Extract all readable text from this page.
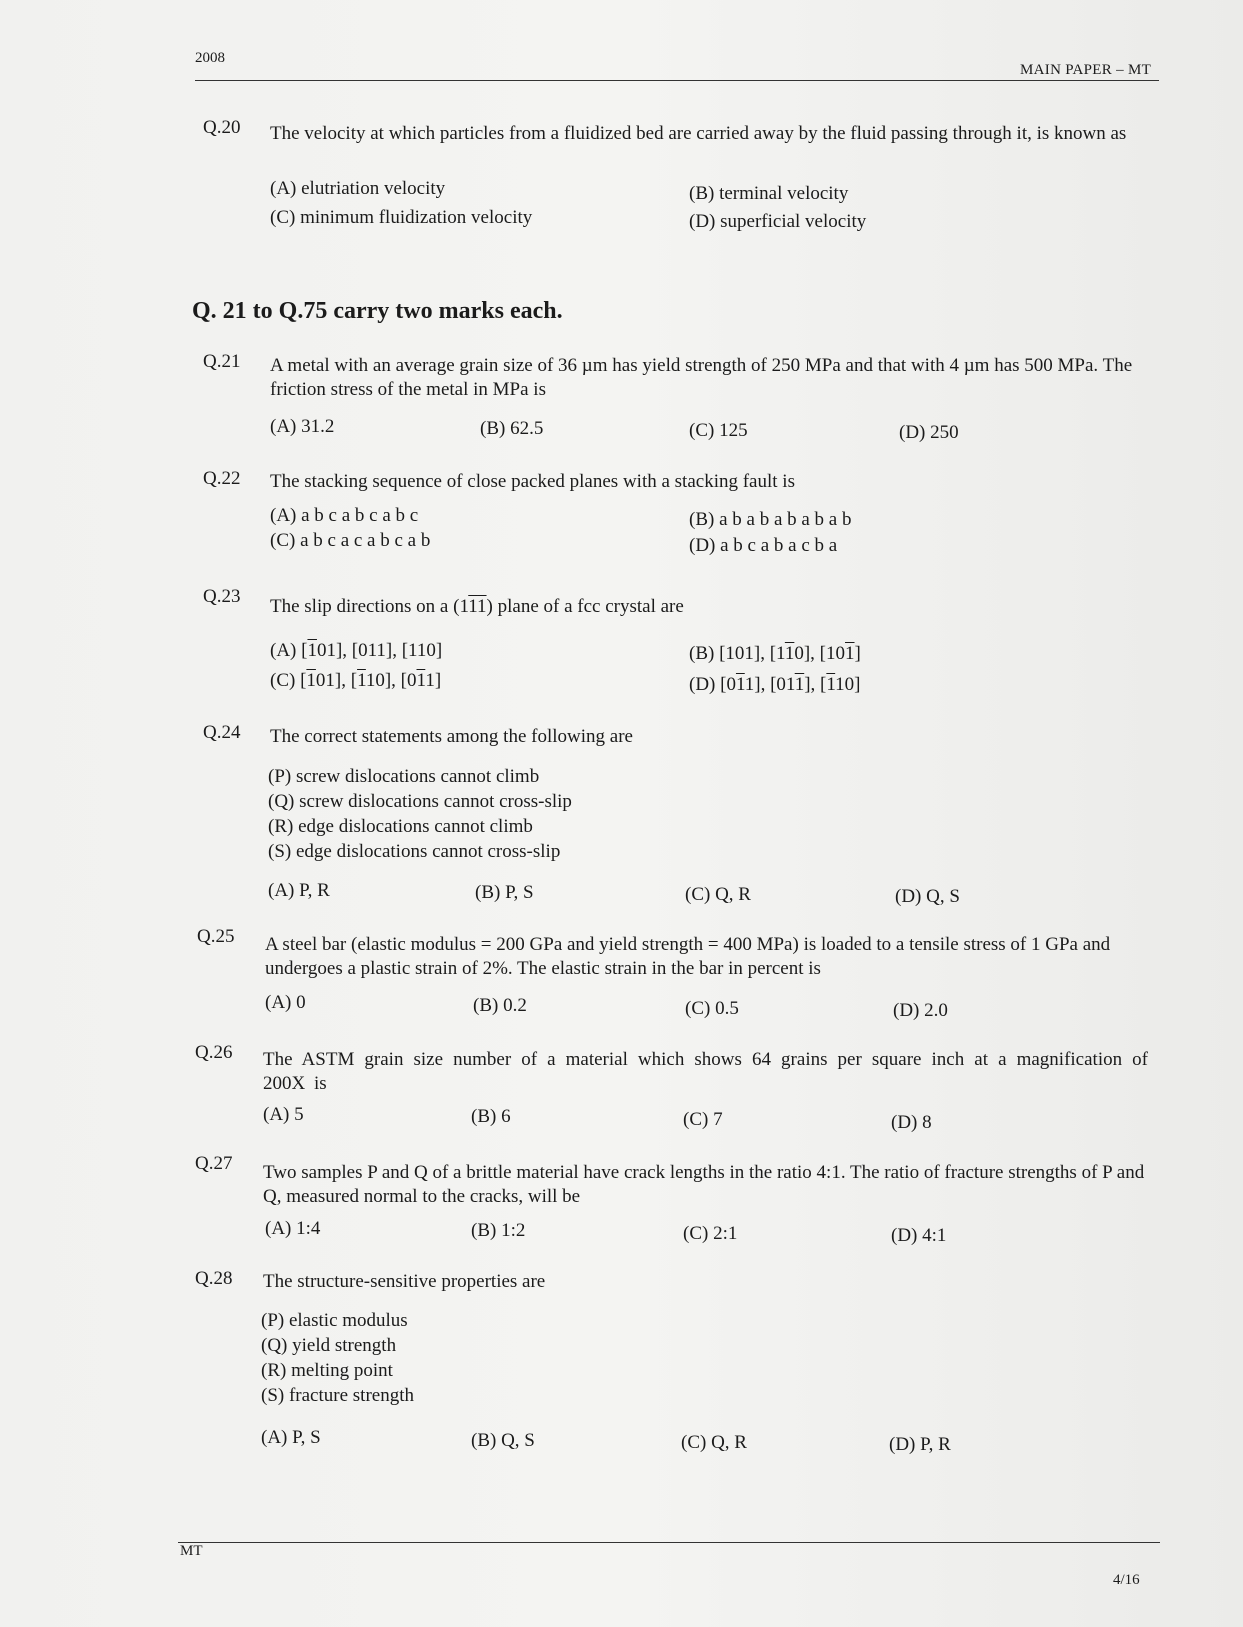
2008
MAIN PAPER – MT
Q.20 The velocity at which particles from a fluidized bed are carried away by the fluid passing through it, is known as
(A) elutriation velocity	(B) terminal velocity
(C) minimum fluidization velocity	(D) superficial velocity
Q. 21 to Q.75 carry two marks each.
Q.21 A metal with an average grain size of 36 µm has yield strength of 250 MPa and that with 4 µm has 500 MPa. The friction stress of the metal in MPa is
(A) 31.2	(B) 62.5	(C) 125	(D) 250
Q.22 The stacking sequence of close packed planes with a stacking fault is
(A) a b c a b c a b c	(B) a b a b a b a b a b
(C) a b c a c a b c a b	(D) a b c a b a c b a
Q.23 The slip directions on a (111) plane of a fcc crystal are
(A) [101], [011], [110]	(B) [101], [110], [101]
(C) [101], [110], [011]	(D) [011], [011], [110]
Q.24 The correct statements among the following are
(P) screw dislocations cannot climb
(Q) screw dislocations cannot cross-slip
(R) edge dislocations cannot climb
(S) edge dislocations cannot cross-slip
(A) P, R	(B) P, S	(C) Q, R	(D) Q, S
Q.25 A steel bar (elastic modulus = 200 GPa and yield strength = 400 MPa) is loaded to a tensile stress of 1 GPa and undergoes a plastic strain of 2%. The elastic strain in the bar in percent is
(A) 0	(B) 0.2	(C) 0.5	(D) 2.0
Q.26 The ASTM grain size number of a material which shows 64 grains per square inch at a magnification of 200X is
(A) 5	(B) 6	(C) 7	(D) 8
Q.27 Two samples P and Q of a brittle material have crack lengths in the ratio 4:1. The ratio of fracture strengths of P and Q, measured normal to the cracks, will be
(A) 1:4	(B) 1:2	(C) 2:1	(D) 4:1
Q.28 The structure-sensitive properties are
(P) elastic modulus
(Q) yield strength
(R) melting point
(S) fracture strength
(A) P, S	(B) Q, S	(C) Q, R	(D) P, R
MT
4/16
